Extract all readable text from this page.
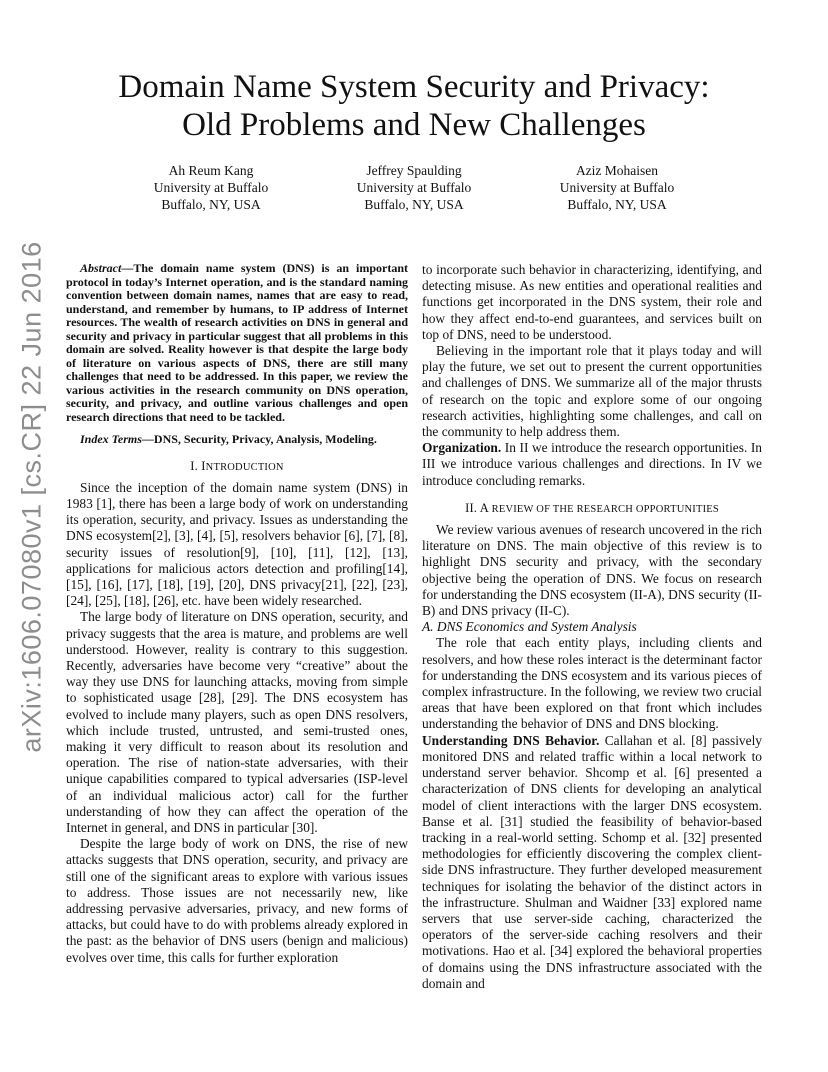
Domain Name System Security and Privacy:
Old Problems and New Challenges
Ah Reum Kang
University at Buffalo
Buffalo, NY, USA
Jeffrey Spaulding
University at Buffalo
Buffalo, NY, USA
Aziz Mohaisen
University at Buffalo
Buffalo, NY, USA
arXiv:1606.07080v1 [cs.CR] 22 Jun 2016	Abstract—The domain name system (DNS) is an important protocol in today’s Internet operation, and is the standard naming convention between domain names, names that are easy to read, understand, and remember by humans, to IP address of Internet resources. The wealth of research activities on DNS in general and security and privacy in particular suggest that all problems in this domain are solved. Reality however is that despite the large body of literature on various aspects of DNS, there are still many challenges that need to be addressed. In this paper, we review the various activities in the research community on DNS operation, security, and privacy, and outline various challenges and open research directions that need to be tackled.

Index Terms—DNS, Security, Privacy, Analysis, Modeling.

I. INTRODUCTION

Since the inception of the domain name system (DNS) in 1983 [1], there has been a large body of work on understanding its operation, security, and privacy. Issues as understanding the DNS ecosystem[2], [3], [4], [5], resolvers behavior [6], [7], [8], security issues of resolution[9], [10], [11], [12], [13], applications for malicious actors detection and profiling[14], [15], [16], [17], [18], [19], [20], DNS privacy[21], [22], [23], [24], [25], [18], [26], etc. have been widely researched.

The large body of literature on DNS operation, security, and privacy suggests that the area is mature, and problems are well understood. However, reality is contrary to this suggestion. Recently, adversaries have become very “creative” about the way they use DNS for launching attacks, moving from simple to sophisticated usage [28], [29]. The DNS ecosystem has evolved to include many players, such as open DNS resolvers, which include trusted, untrusted, and semi-trusted ones, making it very difficult to reason about its resolution and operation. The rise of nation-state adversaries, with their unique capabilities compared to typical adversaries (ISP-level of an individual malicious actor) call for the further understanding of how they can affect the operation of the Internet in general, and DNS in particular [30].

Despite the large body of work on DNS, the rise of new attacks suggests that DNS operation, security, and privacy are still one of the significant areas to explore with various issues to address. Those issues are not necessarily new, like addressing pervasive adversaries, privacy, and new forms of attacks, but could have to do with problems already explored in the past: as the behavior of DNS users (benign and malicious) evolves over time, this calls for further exploration

to incorporate such behavior in characterizing, identifying, and detecting misuse. As new entities and operational realities and functions get incorporated in the DNS system, their role and how they affect end-to-end guarantees, and services built on top of DNS, need to be understood.

Believing in the important role that it plays today and will play the future, we set out to present the current opportunities and challenges of DNS. We summarize all of the major thrusts of research on the topic and explore some of our ongoing research activities, highlighting some challenges, and call on the community to help address them.

Organization. In II we introduce the research opportunities. In III we introduce various challenges and directions. In IV we introduce concluding remarks.

II. A REVIEW OF THE RESEARCH OPPORTUNITIES

We review various avenues of research uncovered in the rich literature on DNS. The main objective of this review is to highlight DNS security and privacy, with the secondary objective being the operation of DNS. We focus on research for understanding the DNS ecosystem (II-A), DNS security (II-B) and DNS privacy (II-C).

A. DNS Economics and System Analysis

The role that each entity plays, including clients and resolvers, and how these roles interact is the determinant factor for understanding the DNS ecosystem and its various pieces of complex infrastructure. In the following, we review two crucial areas that have been explored on that front which includes understanding the behavior of DNS and DNS blocking.

Understanding DNS Behavior. Callahan et al. [8] passively monitored DNS and related traffic within a local network to understand server behavior. Shcomp et al. [6] presented a characterization of DNS clients for developing an analytical model of client interactions with the larger DNS ecosystem. Banse et al. [31] studied the feasibility of behavior-based tracking in a real-world setting. Schomp et al. [32] presented methodologies for efficiently discovering the complex client-side DNS infrastructure. They further developed measurement techniques for isolating the behavior of the distinct actors in the infrastructure. Shulman and Waidner [33] explored name servers that use server-side caching, characterized the operators of the server-side caching resolvers and their motivations. Hao et al. [34] explored the behavioral properties of domains using the DNS infrastructure associated with the domain and
